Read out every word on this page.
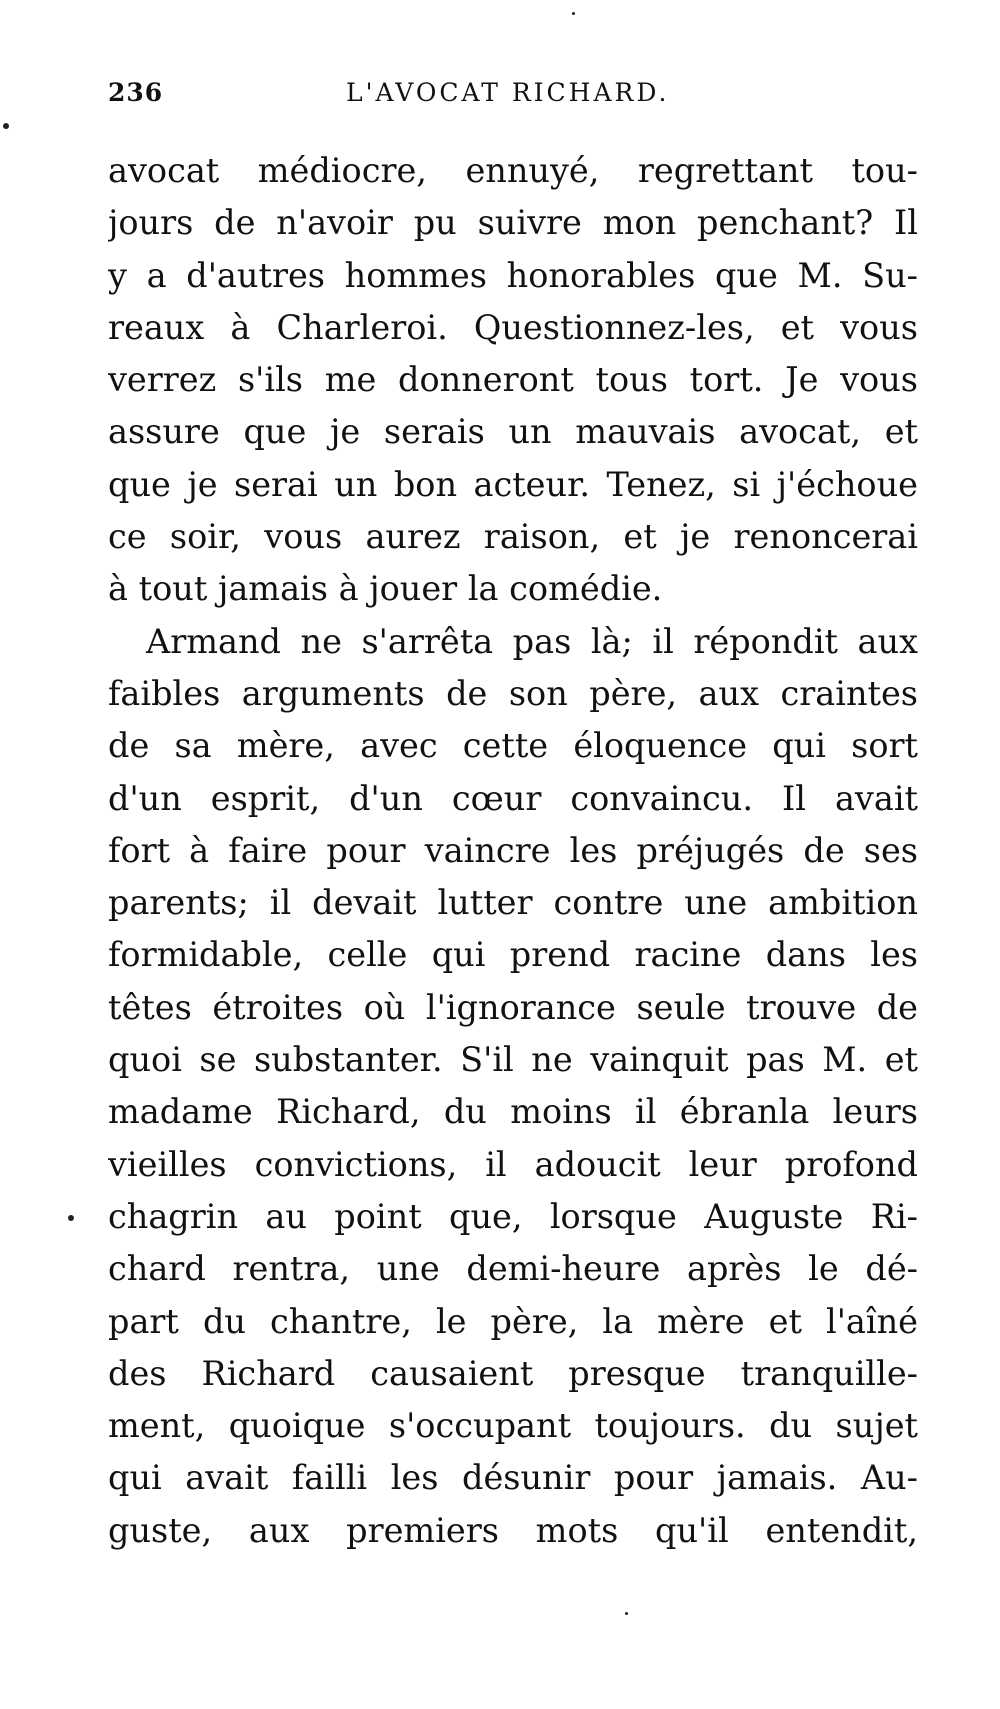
236	L'AVOCAT RICHARD.
avocat médiocre, ennuyé, regrettant tou-
jours de n'avoir pu suivre mon penchant? Il
y a d'autres hommes honorables que M. Su-
reaux à Charleroi. Questionnez-les, et vous
verrez s'ils me donneront tous tort. Je vous
assure que je serais un mauvais avocat, et
que je serai un bon acteur. Tenez, si j'échoue
ce soir, vous aurez raison, et je renoncerai
à tout jamais à jouer la comédie.
Armand ne s'arrêta pas là; il répondit aux
faibles arguments de son père, aux craintes
de sa mère, avec cette éloquence qui sort
d'un esprit, d'un cœur convaincu. Il avait
fort à faire pour vaincre les préjugés de ses
parents; il devait lutter contre une ambition
formidable, celle qui prend racine dans les
têtes étroites où l'ignorance seule trouve de
quoi se substanter. S'il ne vainquit pas M. et
madame Richard, du moins il ébranla leurs
vieilles convictions, il adoucit leur profond
chagrin au point que, lorsque Auguste Ri-
chard rentra, une demi-heure après le dé-
part du chantre, le père, la mère et l'aîné
des Richard causaient presque tranquille-
ment, quoique s'occupant toujours. du sujet
qui avait failli les désunir pour jamais. Au-
guste, aux premiers mots qu'il entendit,
